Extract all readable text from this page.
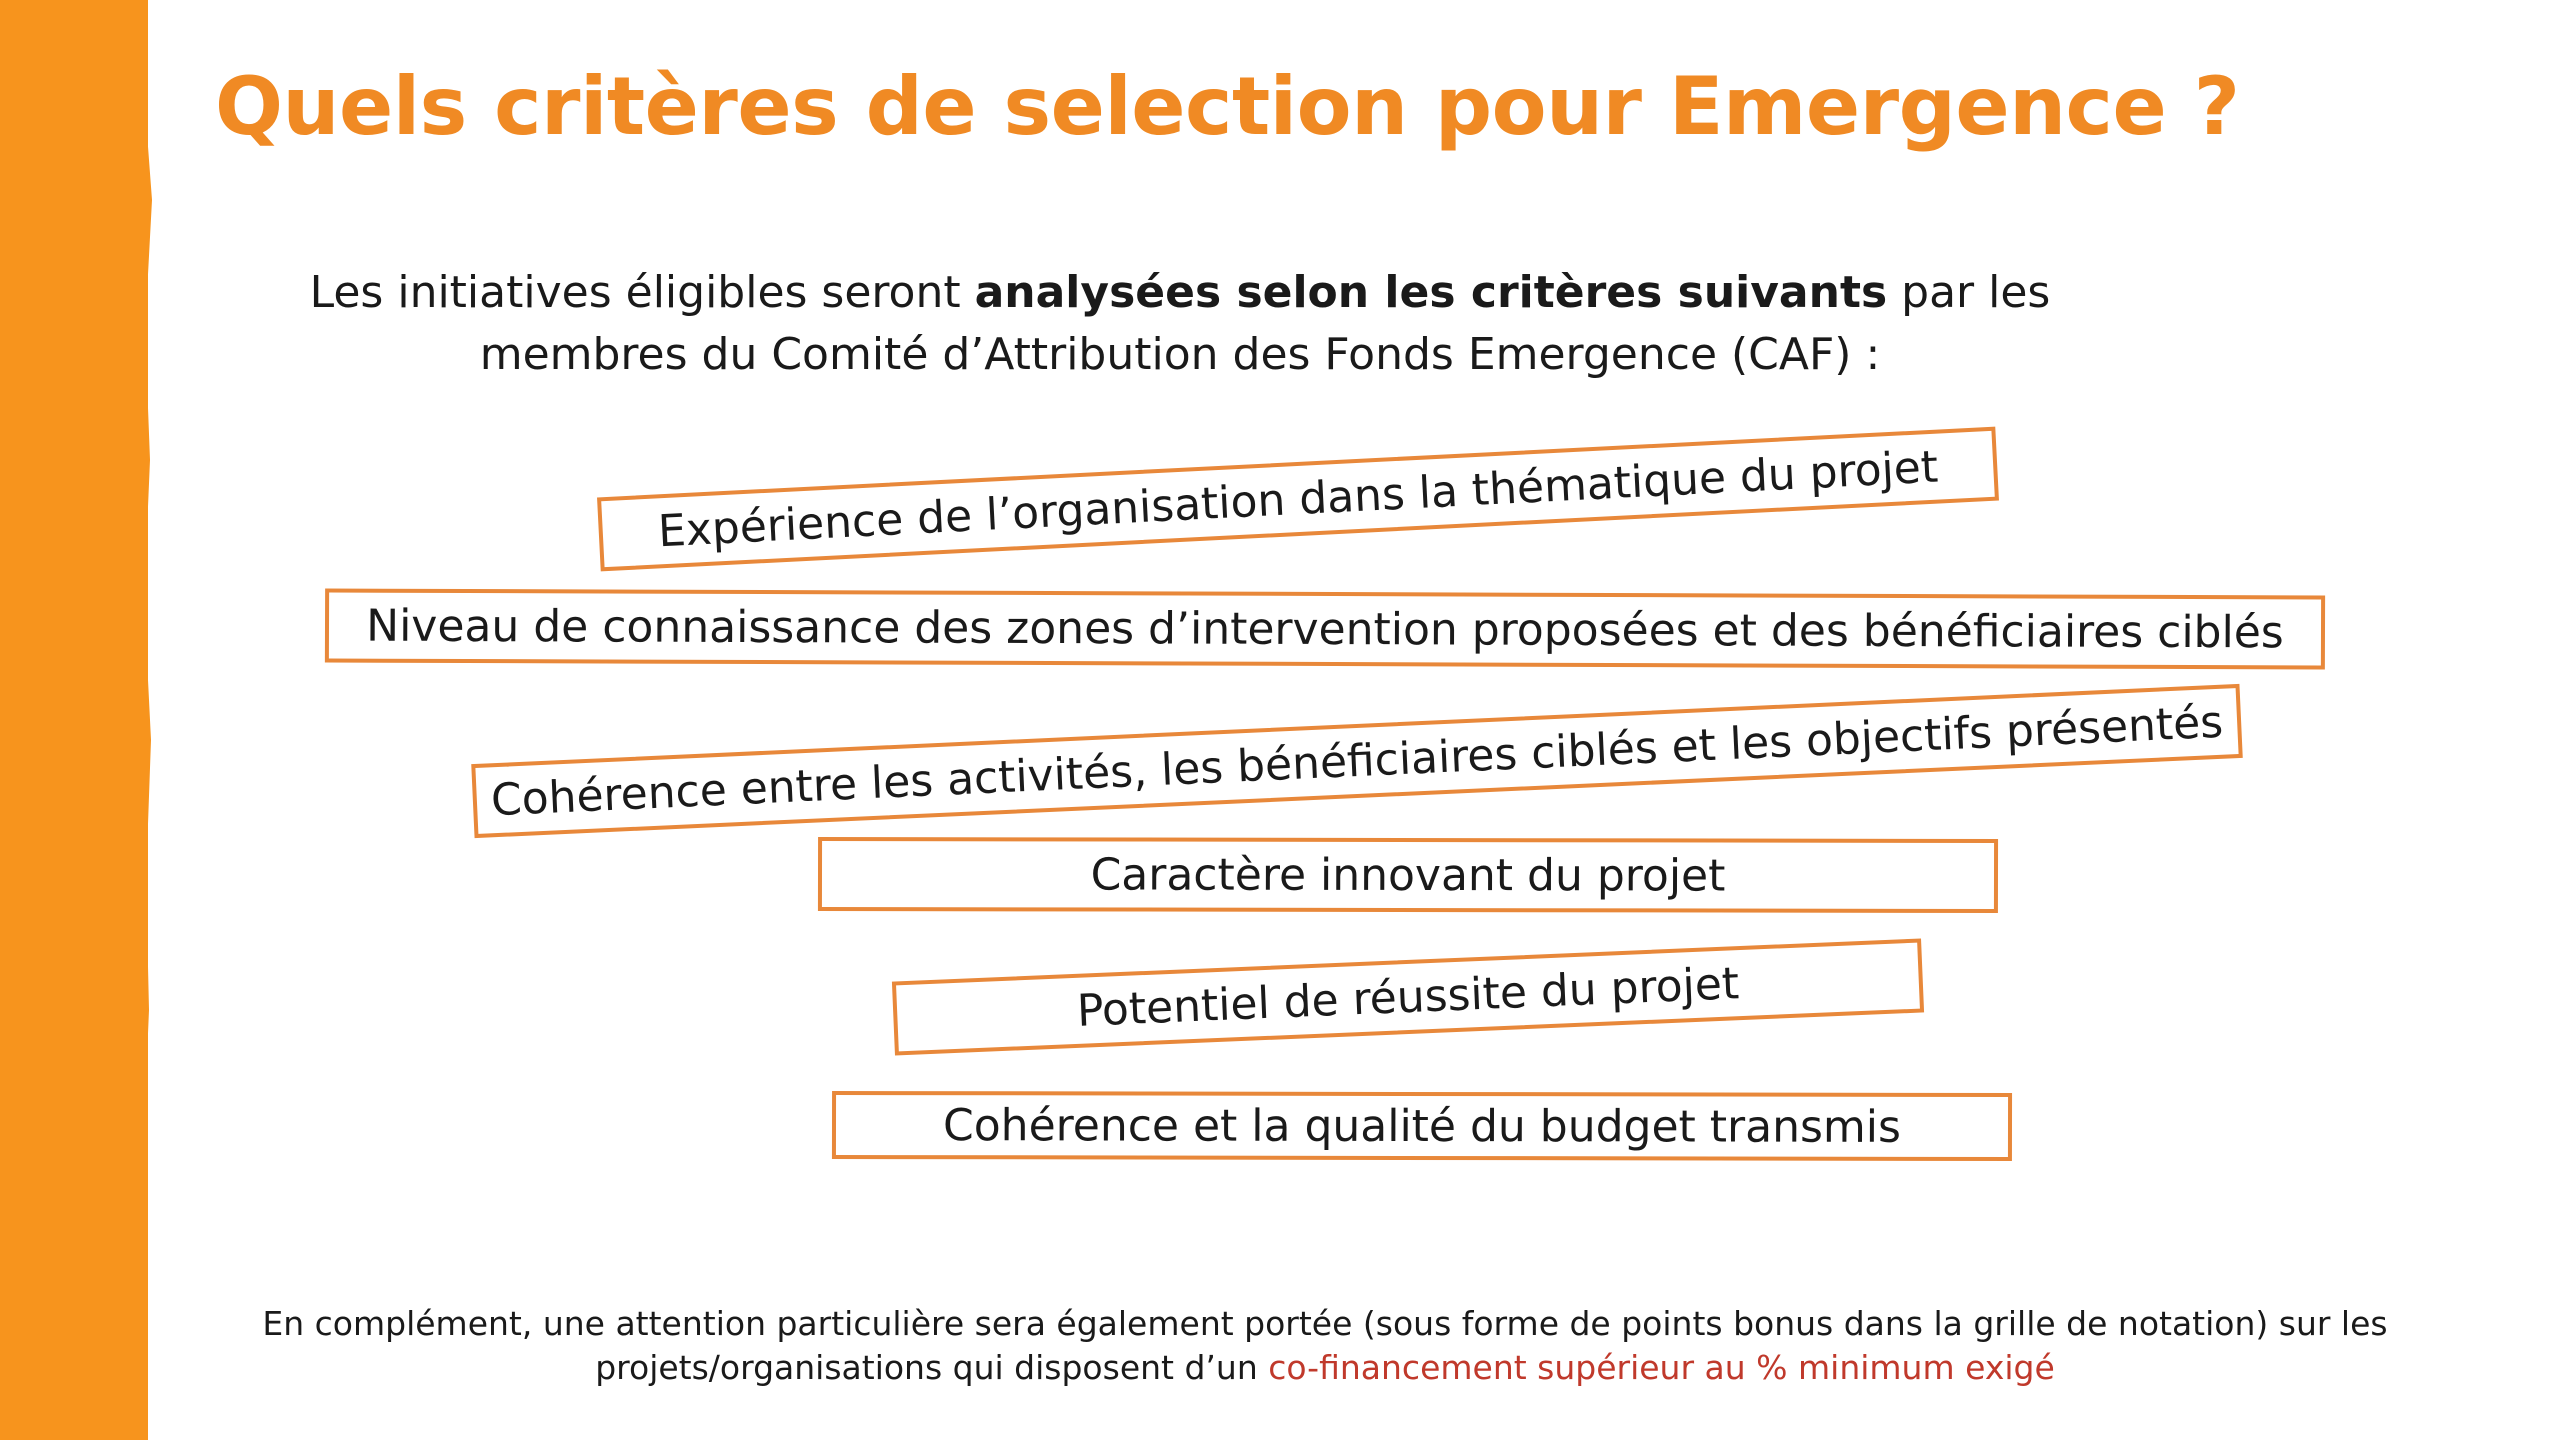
Quels critères de selection pour Emergence ?

Les initiatives éligibles seront analysées selon les critères suivants par les
membres du Comité d’Attribution des Fonds Emergence (CAF) :

Expérience de l’organisation dans la thématique du projet
Niveau de connaissance des zones d’intervention proposées et des bénéficiaires ciblés
Cohérence entre les activités, les bénéficiaires ciblés et les objectifs présentés
Caractère innovant du projet
Potentiel de réussite du projet
Cohérence et la qualité du budget transmis

En complément, une attention particulière sera également portée (sous forme de points bonus dans la grille de notation) sur les
projets/organisations qui disposent d’un co-financement supérieur au % minimum exigé
